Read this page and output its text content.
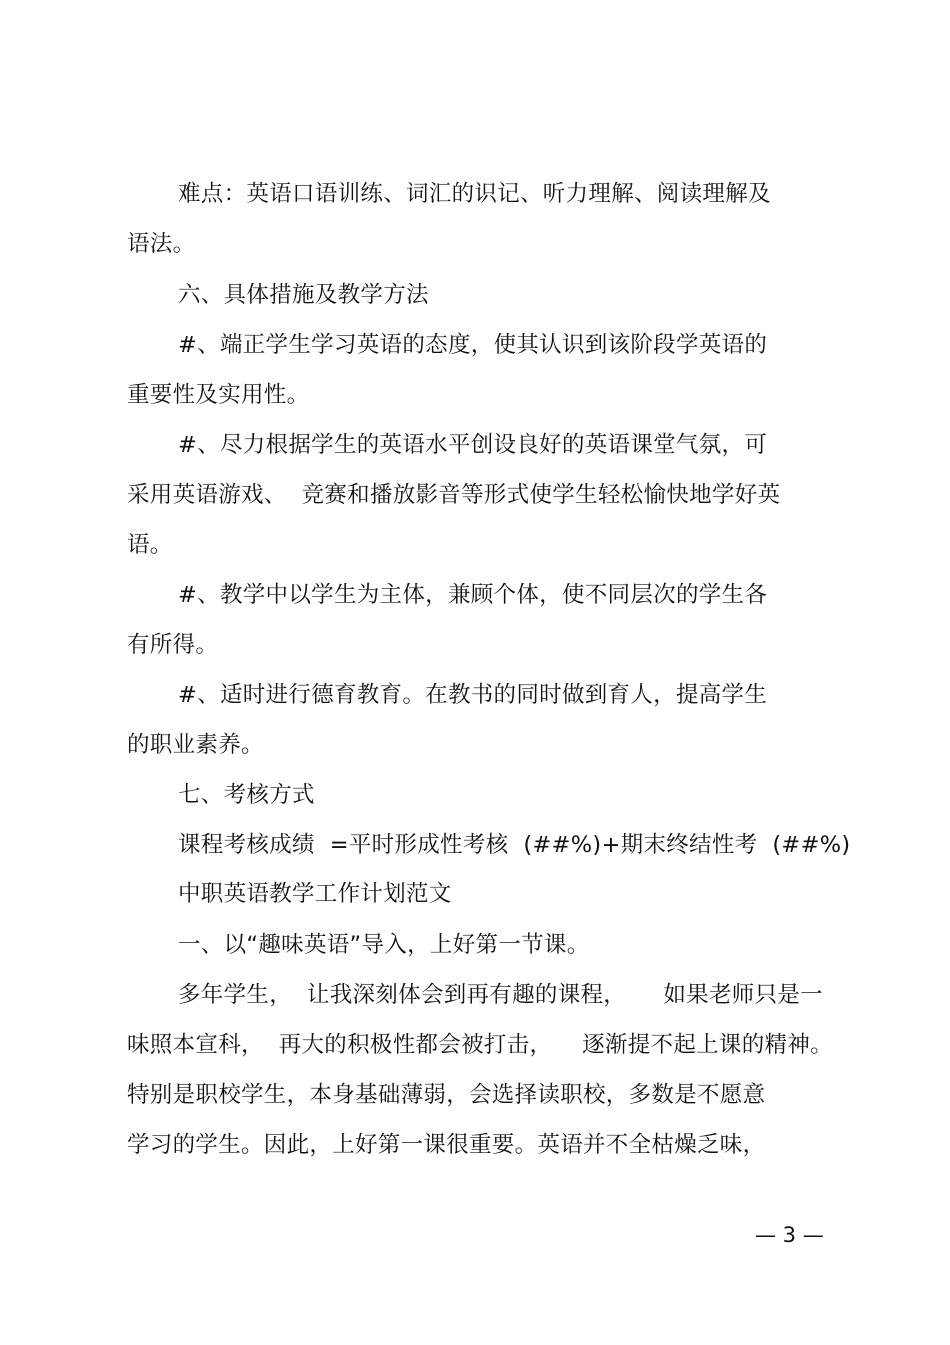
难点：英语口语训练、词汇的识记、听力理解、阅读理解及
语法。
六、具体措施及教学方法
#、端正学生学习英语的态度，使其认识到该阶段学英语的
重要性及实用性。
#、尽力根据学生的英语水平创设良好的英语课堂气氛，可
采用英语游戏、  竞赛和播放影音等形式使学生轻松愉快地学好英
语。
#、教学中以学生为主体，兼顾个体，使不同层次的学生各
有所得。
#、适时进行德育教育。在教书的同时做到育人，提高学生
的职业素养。
七、考核方式
课程考核成绩  =平时形成性考核  (##%)+期末终结性考  (##%)
中职英语教学工作计划范文
一、以“趣味英语”导入，上好第一节课。
多年学生，  让我深刻体会到再有趣的课程，     如果老师只是一
味照本宣科，  再大的积极性都会被打击，    逐渐提不起上课的精神。
特别是职校学生，本身基础薄弱，会选择读职校，多数是不愿意
学习的学生。因此，上好第一课很重要。英语并不全枯燥乏味，
— 3 —
